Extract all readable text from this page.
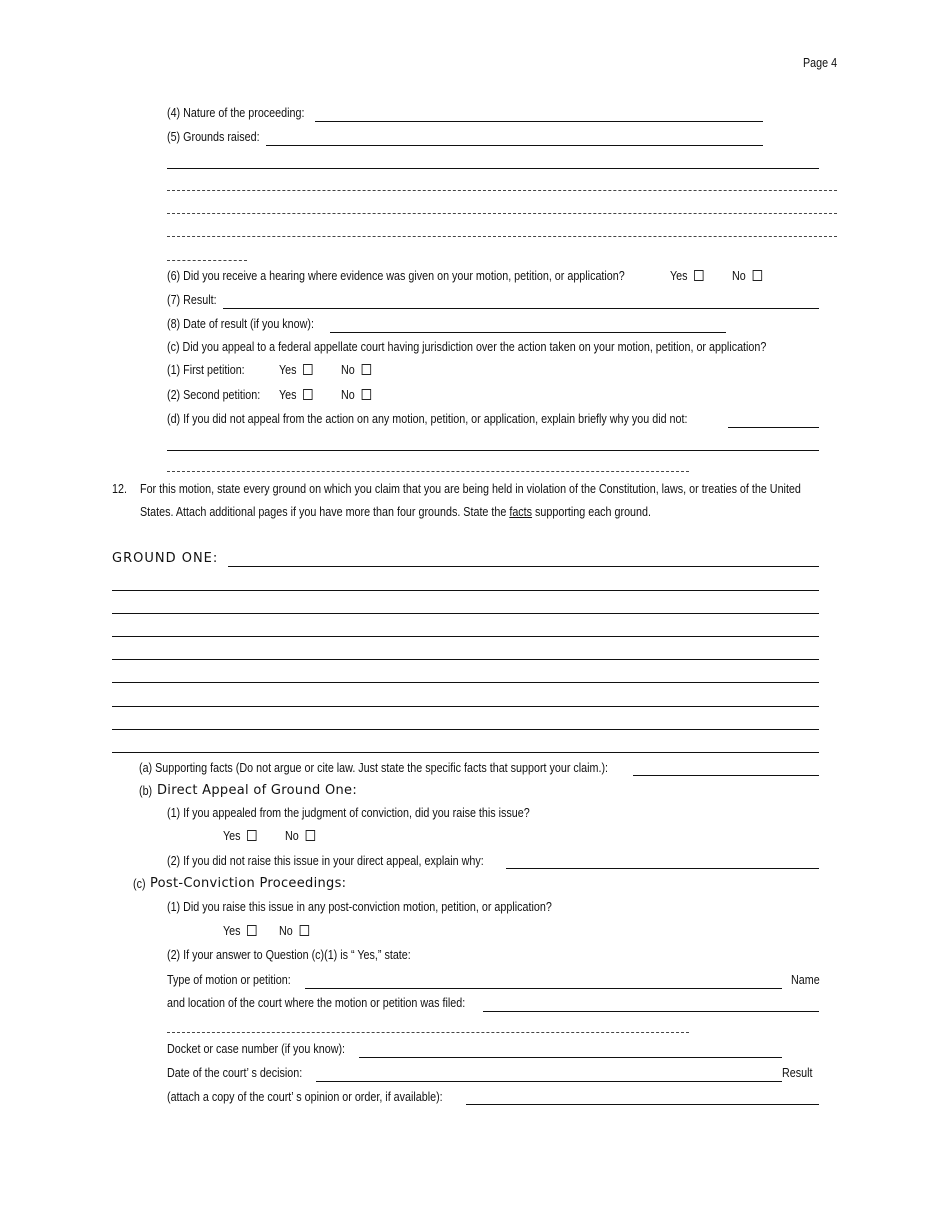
Page 4
(4) Nature of the proceeding:
(5) Grounds raised:
(6) Did you receive a hearing where evidence was given on your motion, petition, or application?	Yes	No
(7) Result:
(8) Date of result (if you know):
(c) Did you appeal to a federal appellate court having jurisdiction over the action taken on your motion, petition, or application?
(1) First petition:	Yes	No
(2) Second petition: Yes	No
(d) If you did not appeal from the action on any motion, petition, or application, explain briefly why you did not:
12. For this motion, state every ground on which you claim that you are being held in violation of the Constitution, laws, or treaties of the United
States. Attach additional pages if you have more than four grounds. State the facts supporting each ground.
GROUND ONE:
(a) Supporting facts (Do not argue or cite law. Just state the specific facts that support your claim.):
(b) Direct Appeal of Ground One:
(1) If you appealed from the judgment of conviction, did you raise this issue?
Yes	No
(2) If you did not raise this issue in your direct appeal, explain why:
(c) Post-Conviction Proceedings:
(1) Did you raise this issue in any post-conviction motion, petition, or application?
Yes	No
(2) If your answer to Question (c)(1) is “ Yes,” state:
Type of motion or petition:	Name
and location of the court where the motion or petition was filed:
Docket or case number (if you know):
Date of the court’ s decision:	Result
(attach a copy of the court’ s opinion or order, if available):
